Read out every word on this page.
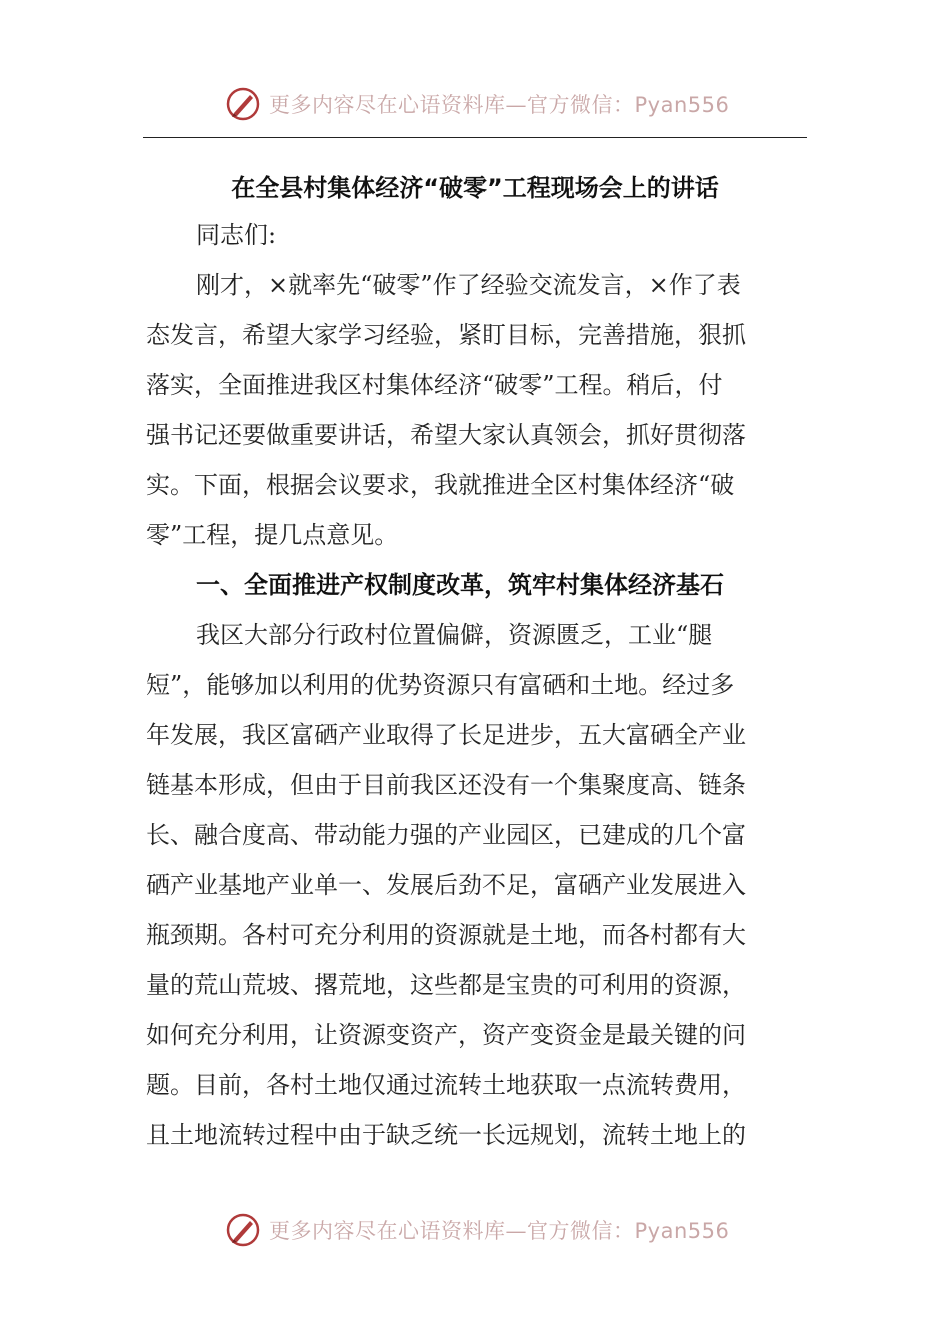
更多内容尽在心语资料库—官方微信：Pyan556
在全县村集体经济“破零”工程现场会上的讲话
同志们:
刚才，×就率先“破零”作了经验交流发言，×作了表
态发言，希望大家学习经验，紧盯目标，完善措施，狠抓
落实，全面推进我区村集体经济“破零”工程。稍后，付
强书记还要做重要讲话，希望大家认真领会，抓好贯彻落
实。下面，根据会议要求，我就推进全区村集体经济“破
零”工程，提几点意见。
一、全面推进产权制度改革，筑牢村集体经济基石
我区大部分行政村位置偏僻，资源匮乏，工业“腿
短”，能够加以利用的优势资源只有富硒和土地。经过多
年发展，我区富硒产业取得了长足进步，五大富硒全产业
链基本形成，但由于目前我区还没有一个集聚度高、链条
长、融合度高、带动能力强的产业园区，已建成的几个富
硒产业基地产业单一、发展后劲不足，富硒产业发展进入
瓶颈期。各村可充分利用的资源就是土地，而各村都有大
量的荒山荒坡、撂荒地，这些都是宝贵的可利用的资源，
如何充分利用，让资源变资产，资产变资金是最关键的问
题。目前，各村土地仅通过流转土地获取一点流转费用，
且土地流转过程中由于缺乏统一长远规划，流转土地上的
更多内容尽在心语资料库—官方微信：Pyan556
